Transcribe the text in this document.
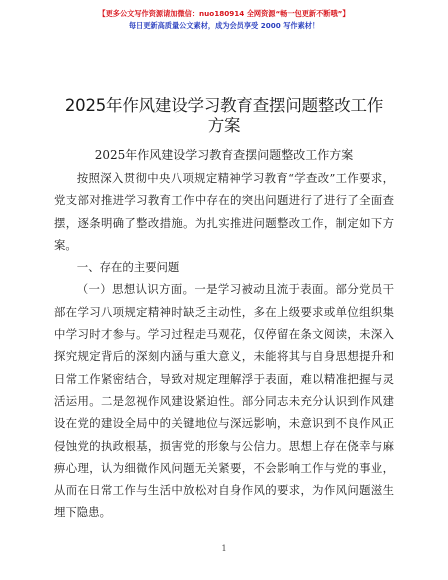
【更多公文写作资源请加微信：nuo180914 全网资源“畅一包更新不断哦”】
每日更新高质量公文素材，成为会员享受 2000 写作素材！
2025年作风建设学习教育查摆问题整改工作方案
2025年作风建设学习教育查摆问题整改工作方案

按照深入贯彻中央八项规定精神学习教育“学查改”工作要求，党支部对推进学习教育工作中存在的突出问题进行了进行了全面查摆，逐条明确了整改措施。为扎实推进问题整改工作，制定如下方案。

一、存在的主要问题

（一）思想认识方面。一是学习被动且流于表面。部分党员干部在学习八项规定精神时缺乏主动性，多在上级要求或单位组织集中学习时才参与。学习过程走马观花，仅停留在条文阅读，未深入探究规定背后的深刻内涵与重大意义，未能将其与自身思想提升和日常工作紧密结合，导致对规定理解浮于表面，难以精准把握与灵活运用。二是忽视作风建设紧迫性。部分同志未充分认识到作风建设在党的建设全局中的关键地位与深远影响，未意识到不良作风正侵蚀党的执政根基，损害党的形象与公信力。思想上存在侥幸与麻痹心理，认为细微作风问题无关紧要，不会影响工作与党的事业，从而在日常工作与生活中放松对自身作风的要求，为作风问题滋生埋下隐患。

1
